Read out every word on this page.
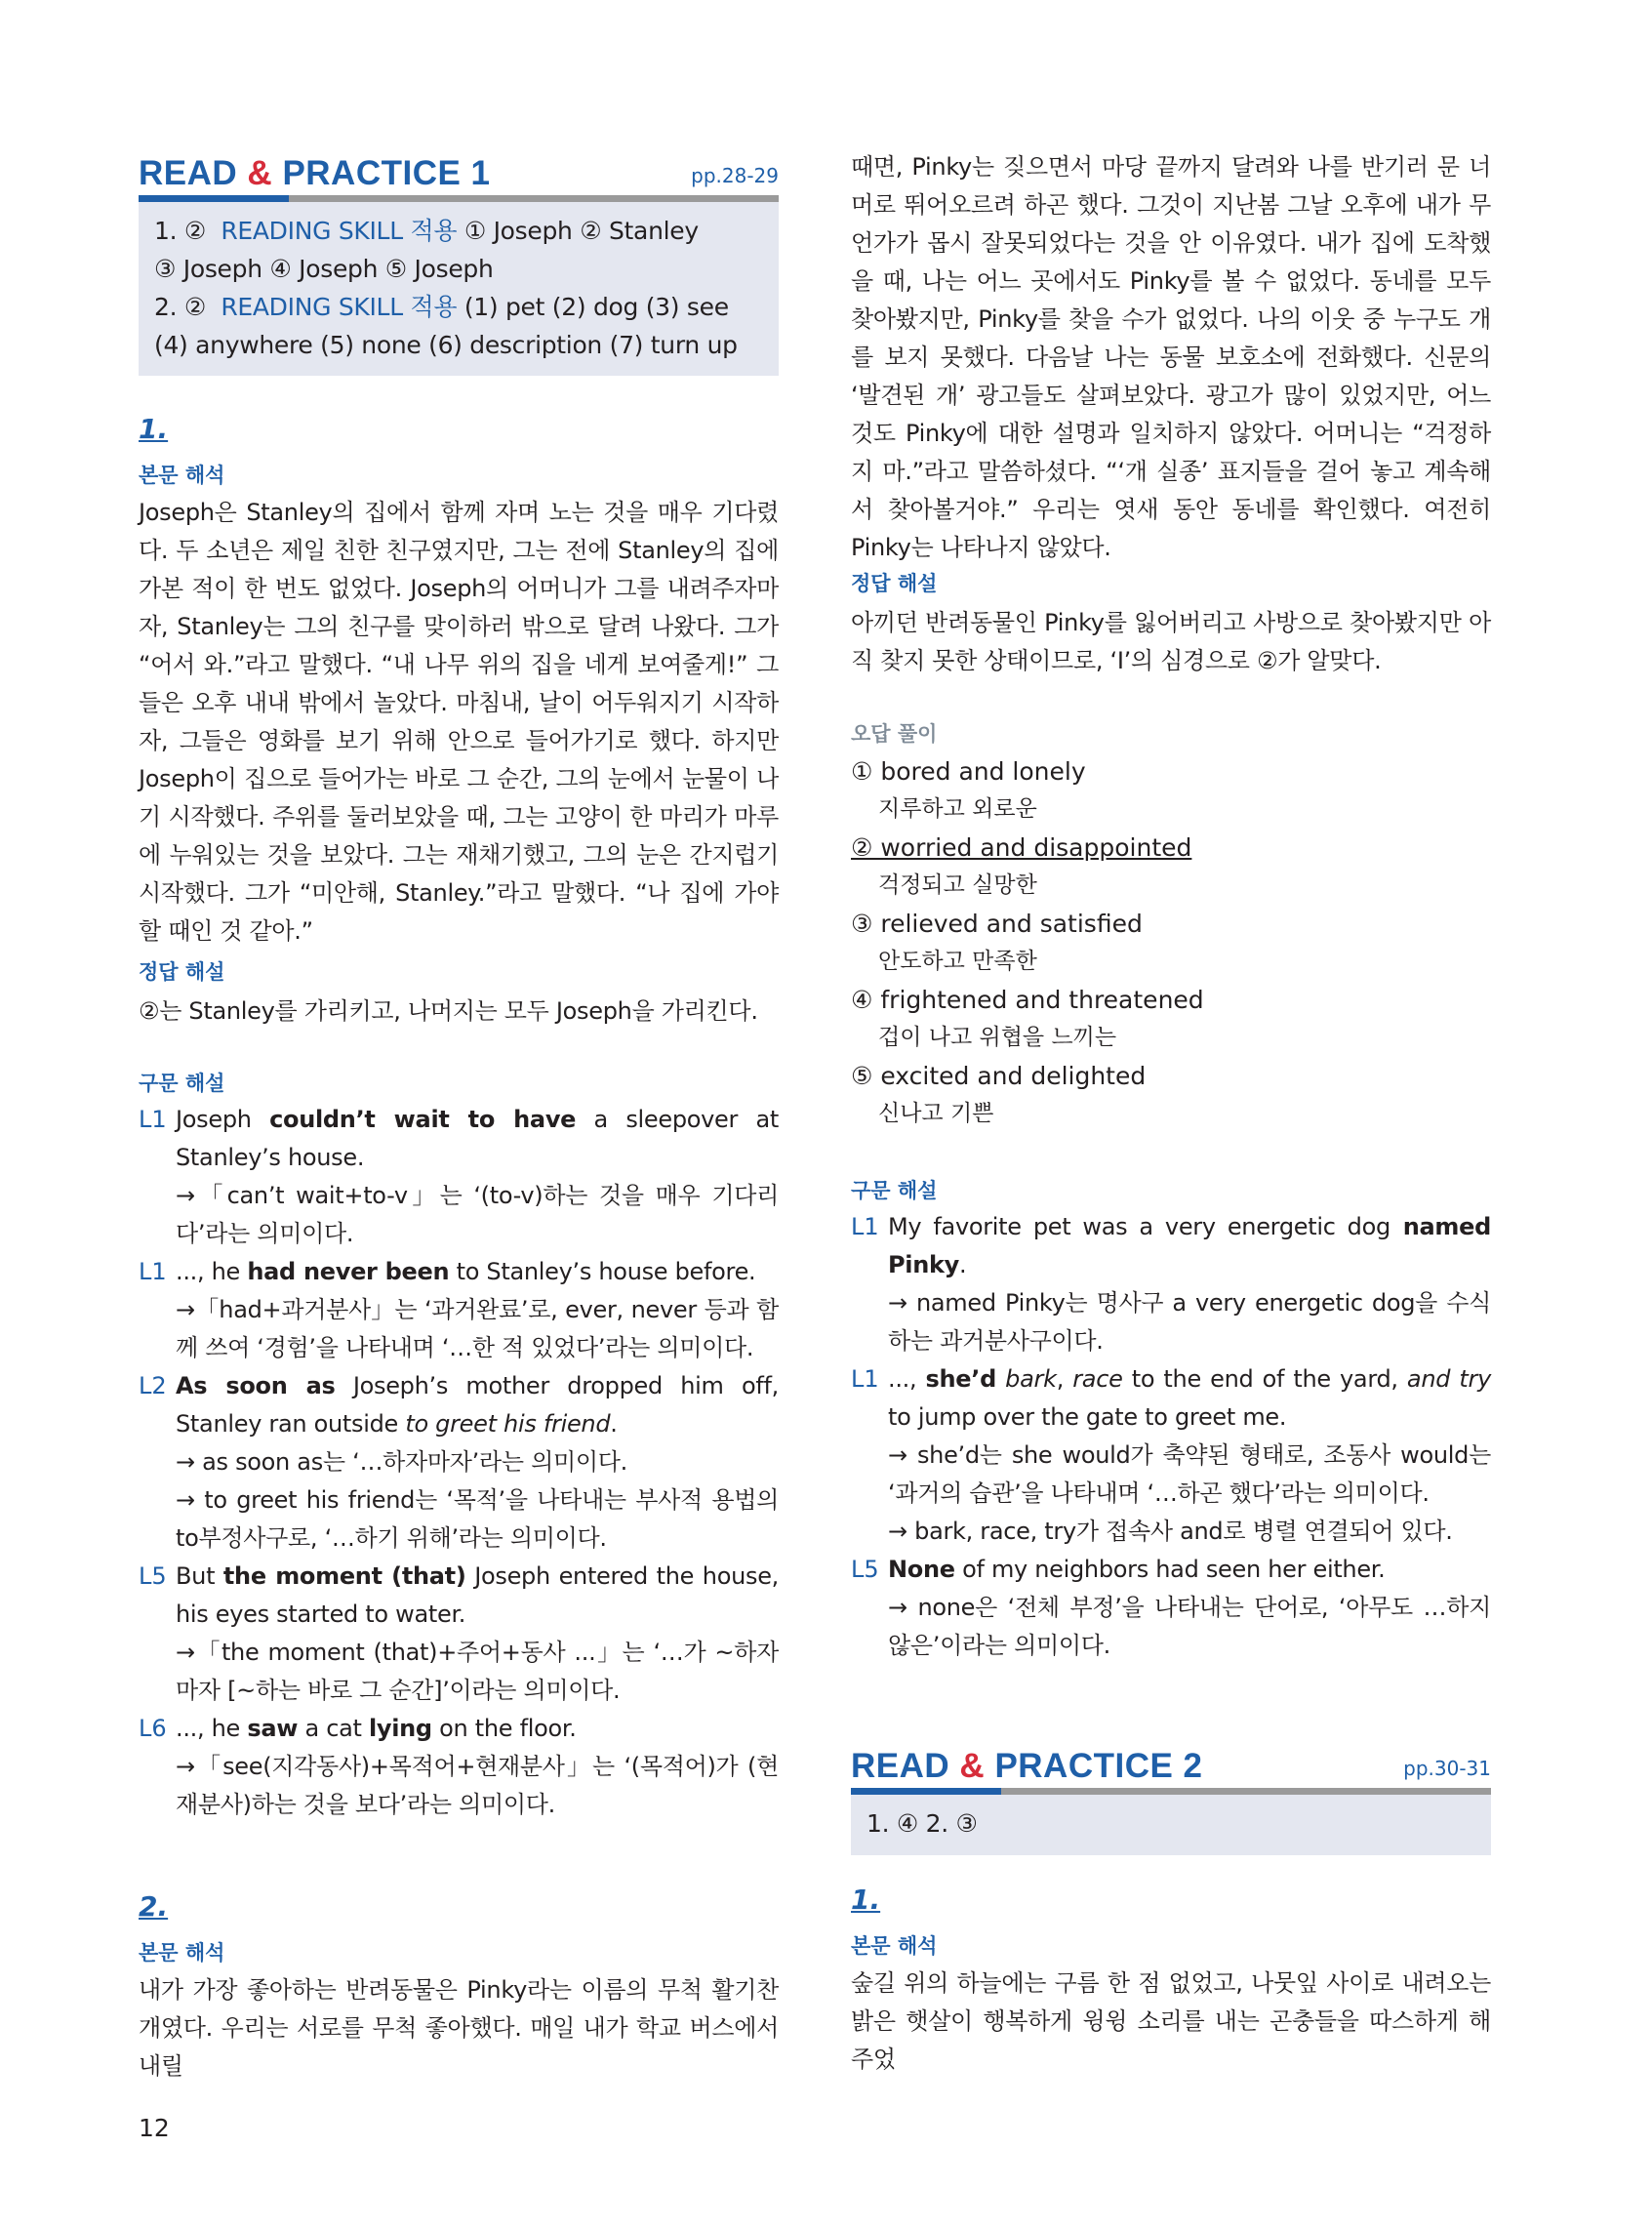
READ & PRACTICE 1	pp.28-29
1. ② READING SKILL 적용 ① Joseph ② Stanley
③ Joseph ④ Joseph ⑤ Joseph
2. ② READING SKILL 적용 (1) pet (2) dog (3) see
(4) anywhere (5) none (6) description (7) turn up
1.
본문 해석

Joseph은 Stanley의 집에서 함께 자며 노는 것을 매우 기다렸다. 두 소년은 제일 친한 친구였지만, 그는 전에 Stanley의 집에 가본 적이 한 번도 없었다. Joseph의 어머니가 그를 내려주자마자, Stanley는 그의 친구를 맞이하러 밖으로 달려 나왔다. 그가 “어서 와.”라고 말했다. “내 나무 위의 집을 네게 보여줄게!” 그들은 오후 내내 밖에서 놀았다. 마침내, 날이 어두워지기 시작하자, 그들은 영화를 보기 위해 안으로 들어가기로 했다. 하지만 Joseph이 집으로 들어가는 바로 그 순간, 그의 눈에서 눈물이 나기 시작했다. 주위를 둘러보았을 때, 그는 고양이 한 마리가 마루에 누워있는 것을 보았다. 그는 재채기했고, 그의 눈은 간지럽기 시작했다. 그가 “미안해, Stanley.”라고 말했다. “나 집에 가야 할 때인 것 같아.”

정답 해설

②는 Stanley를 가리키고, 나머지는 모두 Joseph을 가리킨다.

구문 해설
L1 Joseph couldn’t wait to have a sleepover at Stanley’s house.

→「can’t wait+to-v」는 ‘(to-v)하는 것을 매우 기다리다’라는 의미이다.

L1 ..., he had never been to Stanley’s house before.

→「had+과거분사」는 ‘과거완료’로, ever, never 등과 함께 쓰여 ‘경험’을 나타내며 ‘…한 적 있었다’라는 의미이다.

L2 As soon as Joseph’s mother dropped him off, Stanley ran outside to greet his friend.

→ as soon as는 ‘…하자마자’라는 의미이다.

→ to greet his friend는 ‘목적’을 나타내는 부사적 용법의 to부정사구로, ‘…하기 위해’라는 의미이다.

L5 But the moment (that) Joseph entered the house, his eyes started to water.

→「the moment (that)+주어+동사 ...」는 ‘…가 ~하자마자 [~하는 바로 그 순간]’이라는 의미이다.

L6 ..., he saw a cat lying on the floor.

→「see(지각동사)+목적어+현재분사」는 ‘(목적어)가 (현재분사)하는 것을 보다’라는 의미이다.

2.
본문 해석

내가 가장 좋아하는 반려동물은 Pinky라는 이름의 무척 활기찬 개였다. 우리는 서로를 무척 좋아했다. 매일 내가 학교 버스에서 내릴

때면, Pinky는 짖으면서 마당 끝까지 달려와 나를 반기러 문 너머로 뛰어오르려 하곤 했다. 그것이 지난봄 그날 오후에 내가 무언가가 몹시 잘못되었다는 것을 안 이유였다. 내가 집에 도착했을 때, 나는 어느 곳에서도 Pinky를 볼 수 없었다. 동네를 모두 찾아봤지만, Pinky를 찾을 수가 없었다. 나의 이웃 중 누구도 개를 보지 못했다. 다음날 나는 동물 보호소에 전화했다. 신문의 ‘발견된 개’ 광고들도 살펴보았다. 광고가 많이 있었지만, 어느 것도 Pinky에 대한 설명과 일치하지 않았다. 어머니는 “걱정하지 마.”라고 말씀하셨다. “‘개 실종’ 표지들을 걸어 놓고 계속해서 찾아볼거야.” 우리는 엿새 동안 동네를 확인했다. 여전히 Pinky는 나타나지 않았다.

정답 해설

아끼던 반려동물인 Pinky를 잃어버리고 사방으로 찾아봤지만 아직 찾지 못한 상태이므로, ‘I’의 심경으로 ②가 알맞다.

오답 풀이
① bored and lonely
지루하고 외로운
② worried and disappointed
걱정되고 실망한
③ relieved and satisfied
안도하고 만족한
④ frightened and threatened
겁이 나고 위협을 느끼는
⑤ excited and delighted
신나고 기쁜
구문 해설
L1 My favorite pet was a very energetic dog named Pinky.

→ named Pinky는 명사구 a very energetic dog을 수식하는 과거분사구이다.

L1 ..., she’d bark, race to the end of the yard, and try to jump over the gate to greet me.

→ she’d는 she would가 축약된 형태로, 조동사 would는 ‘과거의 습관’을 나타내며 ‘…하곤 했다’라는 의미이다.

→ bark, race, try가 접속사 and로 병렬 연결되어 있다.

L5 None of my neighbors had seen her either.

→ none은 ‘전체 부정’을 나타내는 단어로, ‘아무도 …하지 않은’이라는 의미이다.

READ & PRACTICE 2	pp.30-31
1. ④ 2. ③
1.
본문 해석

숲길 위의 하늘에는 구름 한 점 없었고, 나뭇잎 사이로 내려오는 밝은 햇살이 행복하게 윙윙 소리를 내는 곤충들을 따스하게 해 주었

12
